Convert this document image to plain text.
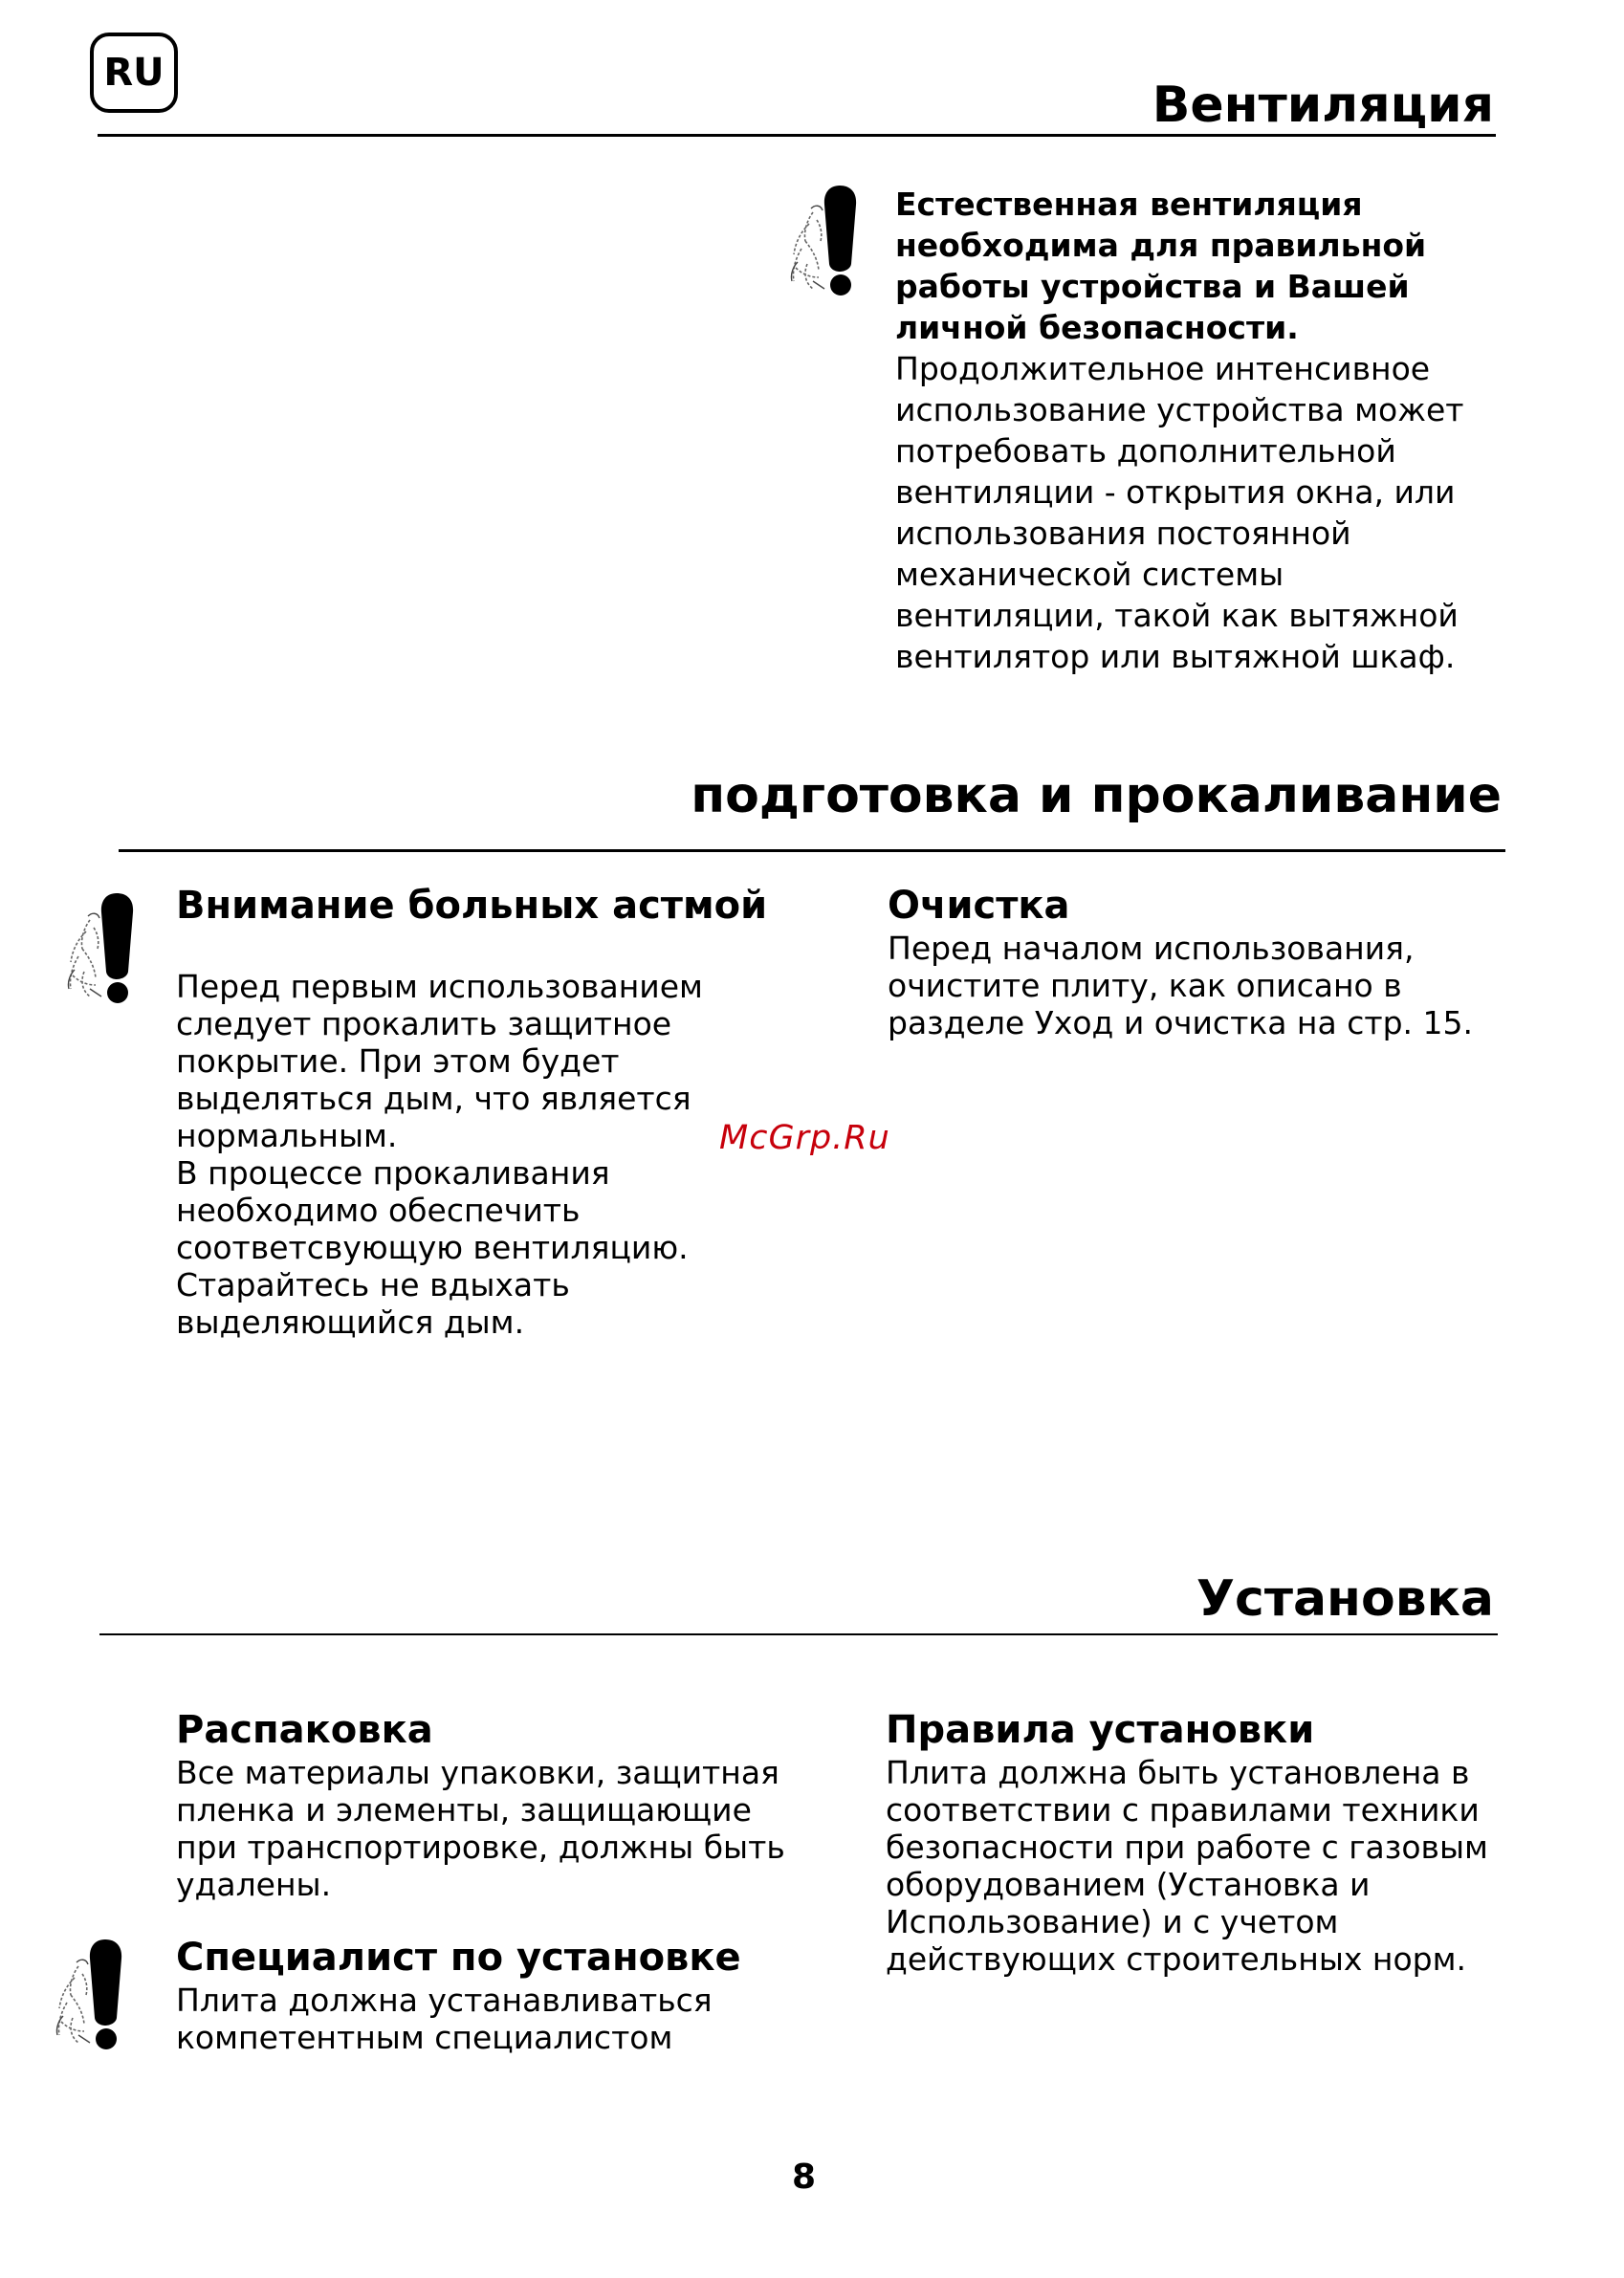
RU
Вентиляция
Естественная вентиляция
необходима для правильной
работы устройства и Вашей
личной безопасности.
Продолжительное интенсивное
использование устройства может
потребовать дополнительной
вентиляции - открытия окна, или
использования постоянной
механической системы
вентиляции, такой как вытяжной
вентилятор или вытяжной шкаф.
подготовка и прокаливание
Внимание больных астмой
Перед первым использованием
следует прокалить защитное
покрытие. При этом будет
выделяться дым, что является
нормальным.
В процессе прокаливания
необходимо обеспечить
соответсвующую вентиляцию.
Старайтесь не вдыхать
выделяющийся дым.
Очистка
Перед началом использования,
очистите плиту, как описано в
разделе Уход и очистка на стр. 15.
McGrp.Ru
Установка
Распаковка
Все материалы упаковки, защитная
пленка и элементы, защищающие
при транспортировке, должны быть
удалены.
Специалист по установке
Плита должна устанавливаться
компетентным специалистом
Правила установки
Плита должна быть установлена в
соответствии с правилами техники
безопасности при работе с газовым
оборудованием (Установка и
Использование) и с учетом
действующих строительных норм.
8
